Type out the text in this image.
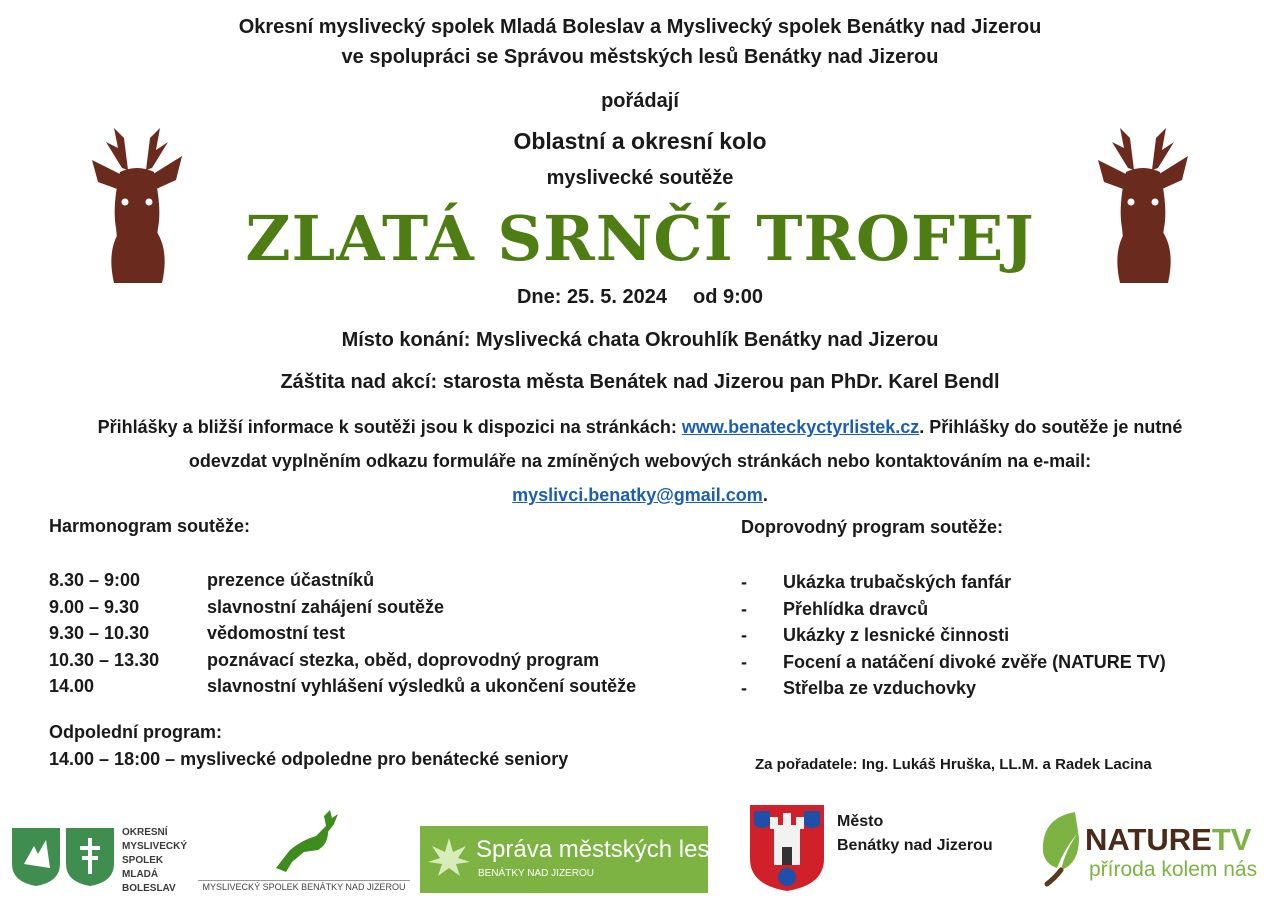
Okresní myslivecký spolek Mladá Boleslav a Myslivecký spolek Benátky nad Jizerou
ve spolupráci se Správou městských lesů Benátky nad Jizerou
pořádají
Oblastní a okresní kolo
myslivecké soutěže
ZLATÁ SRNČÍ TROFEJ
Dne: 25. 5. 2024 od 9:00
Místo konání: Myslivecká chata Okrouhlík Benátky nad Jizerou
Záštita nad akcí: starosta města Benátek nad Jizerou pan PhDr. Karel Bendl
Přihlášky a bližší informace k soutěži jsou k dispozici na stránkách: www.benateckyctyrlistek.cz. Přihlášky do soutěže je nutné odevzdat vyplněním odkazu formuláře na zmíněných webových stránkách nebo kontaktováním na e-mail: myslivci.benatky@gmail.com.
Harmonogram soutěže:
8.30 – 9:00	prezence účastníků
9.00 – 9.30	slavnostní zahájení soutěže
9.30 – 10.30	vědomostní test
10.30 – 13.30	poznávací stezka, oběd, doprovodný program
14.00	slavnostní vyhlášení výsledků a ukončení soutěže
Odpolední program:
14.00 – 18:00 – myslivecké odpoledne pro benátecké seniory
Doprovodný program soutěže:
- Ukázka trubačských fanfár
- Přehlídka dravců
- Ukázky z lesnické činnosti
- Focení a natáčení divoké zvěře (NATURE TV)
- Střelba ze vzduchovky
Za pořadatele: Ing. Lukáš Hruška, LL.M. a Radek Lacina
OKRESNÍ
MYSLIVECKÝ SPOLEK
MLADÁ BOLESLAV	MYSLIVECKÝ SPOLEK BENÁTKY NAD JIZEROU
Správa městských lesů
BENÁTKY NAD JIZEROU
Město
Benátky nad Jizerou	NATURETV
příroda kolem nás
